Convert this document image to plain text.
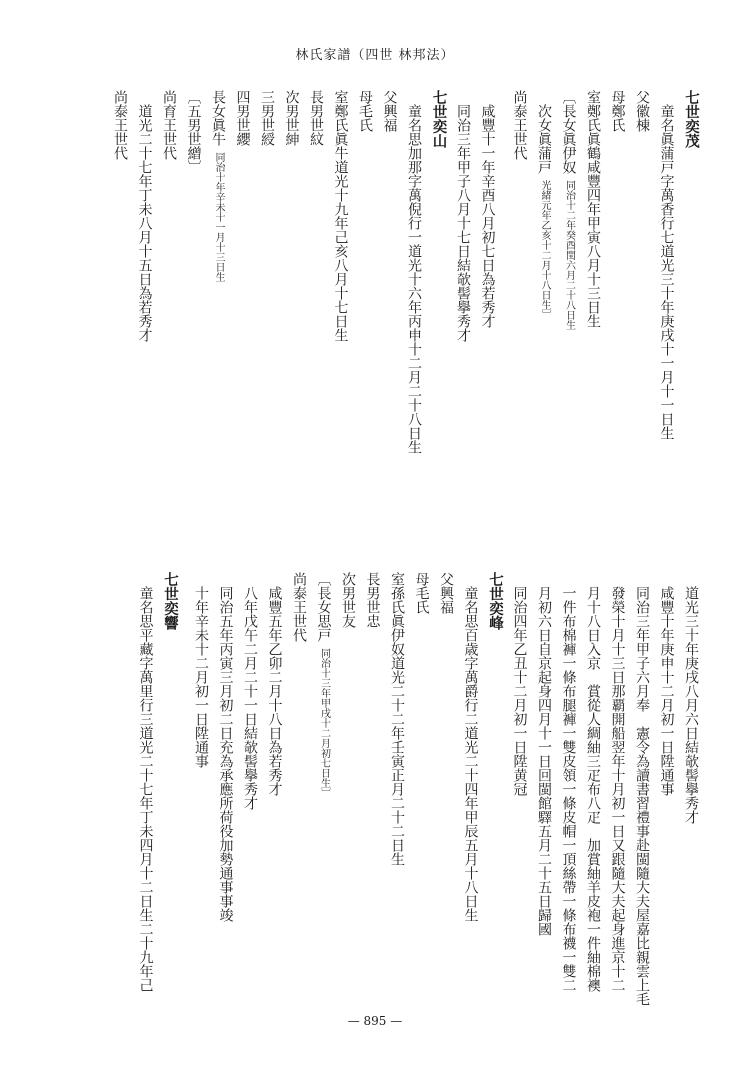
林氏家譜（四世 林邦法）
七世奕茂
童名眞蒲戸字萬香行七道光三十年庚戌十一月十一日生
父徽棟
母鄭氏
室鄭氏眞鶴咸豐四年甲寅八月十三日生
〔長女眞伊奴同治十二年癸酉閏六月二十八日生
次女眞蒲戸光緒元年乙亥十二月十八日生〕
尚泰王世代
咸豐十一年辛酉八月初七日為若秀才
同治三年甲子八月十七日結欹髻擧秀才
七世奕山
童名思加那字萬倪行一道光十六年丙申十二月二十八日生
父興福
母毛氏
室鄭氏眞牛道光十九年己亥八月十七日生
長男世紋
次男世紳
三男世綬
四男世纓
長女眞牛同治十年辛未十一月十三日生
〔五男世繒〕
尚育王世代
道光二十七年丁未八月十五日為若秀才
尚泰王世代
道光三十年庚戌八月六日結欹髻擧秀才
咸豐十年庚申十二月初一日陞通事
同治三年甲子六月奉　憲令為讀書習禮事赴閩隨大夫屋嘉比親雲上毛
發榮十月十三日那覇開船翌年十月初一日又跟隨大夫起身進京十二
月十八日入京　賞從人綢紬三疋布八疋　加賞紬羊皮袍一件紬棉襖
一件布棉褲一條布腿褲一雙皮領一條皮帽一頂絲帶一條布襪一雙二
月初六日自京起身四月十一日回閩館驛五月二十五日歸國
同治四年乙丑十二月初一日陞黄冠
七世奕峰
童名思百歳字萬爵行二道光二十四年甲辰五月十八日生
父興福
母毛氏
室孫氏眞伊奴道光二十二年壬寅正月二十二日生
長男世忠
次男世友
〔長女思戸同治十三年甲戌十二月初七日生〕
尚泰王世代
咸豐五年乙卯二月十八日為若秀才
八年戊午二月二十一日結欹髻擧秀才
同治五年丙寅三月初二日充為承應所荷役加勢通事事竣
十年辛未十二月初一日陞通事
七世奕響
童名思平藏字萬里行三道光二十七年丁未四月十二日生二十九年己
— 895 —
